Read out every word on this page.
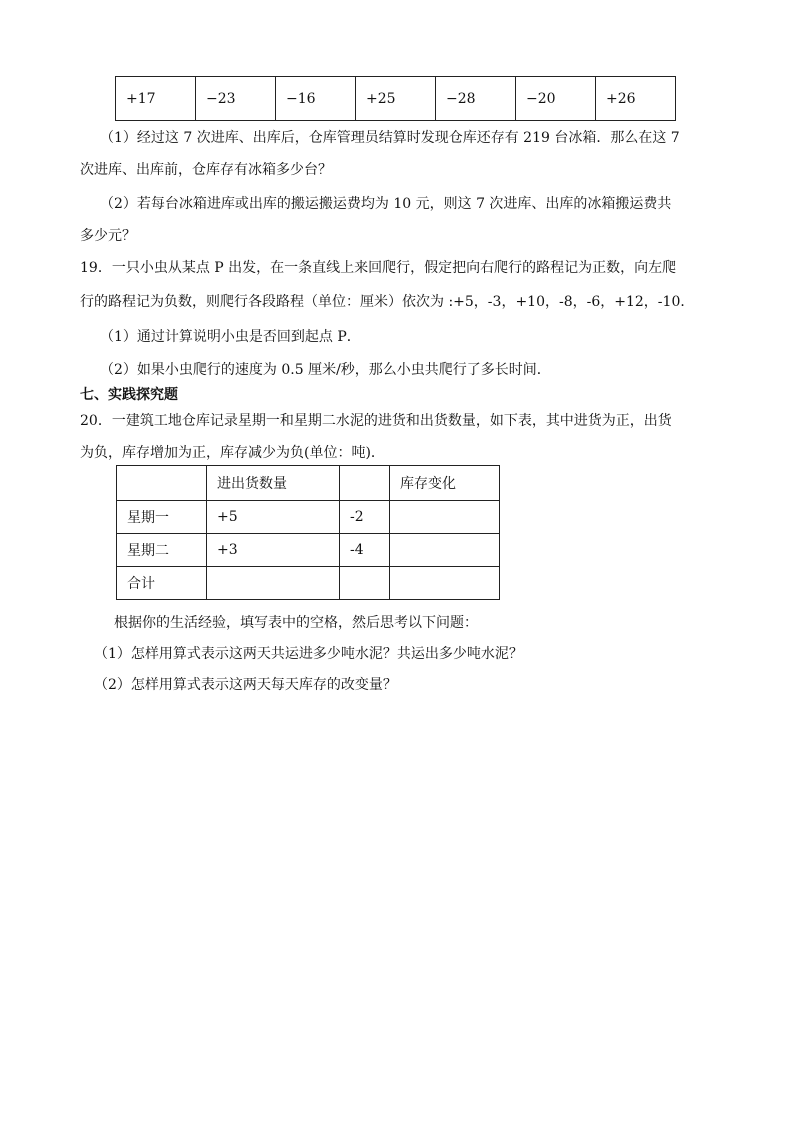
+17	−23	−16	+25	−28	−20	+26
（1）经过这 7 次进库、出库后，仓库管理员结算时发现仓库还存有 219 台冰箱．那么在这 7
次进库、出库前，仓库存有冰箱多少台？
（2）若每台冰箱进库或出库的搬运搬运费均为 10 元，则这 7 次进库、出库的冰箱搬运费共
多少元？
19．一只小虫从某点 P 出发，在一条直线上来回爬行，假定把向右爬行的路程记为正数，向左爬
行的路程记为负数，则爬行各段路程（单位：厘米）依次为 :+5，-3，+10，-8，-6，+12，-10．
（1）通过计算说明小虫是否回到起点 P．
（2）如果小虫爬行的速度为 0.5 厘米/秒，那么小虫共爬行了多长时间．
七、实践探究题
20．一建筑工地仓库记录星期一和星期二水泥的进货和出货数量，如下表，其中进货为正，出货
为负，库存增加为正，库存减少为负(单位：吨)．
	进出货数量		库存变化
星期一	+5	-2	
星期二	+3	-4	
合计			
根据你的生活经验，填写表中的空格，然后思考以下问题：
（1）怎样用算式表示这两天共运进多少吨水泥？共运出多少吨水泥？
（2）怎样用算式表示这两天每天库存的改变量？
